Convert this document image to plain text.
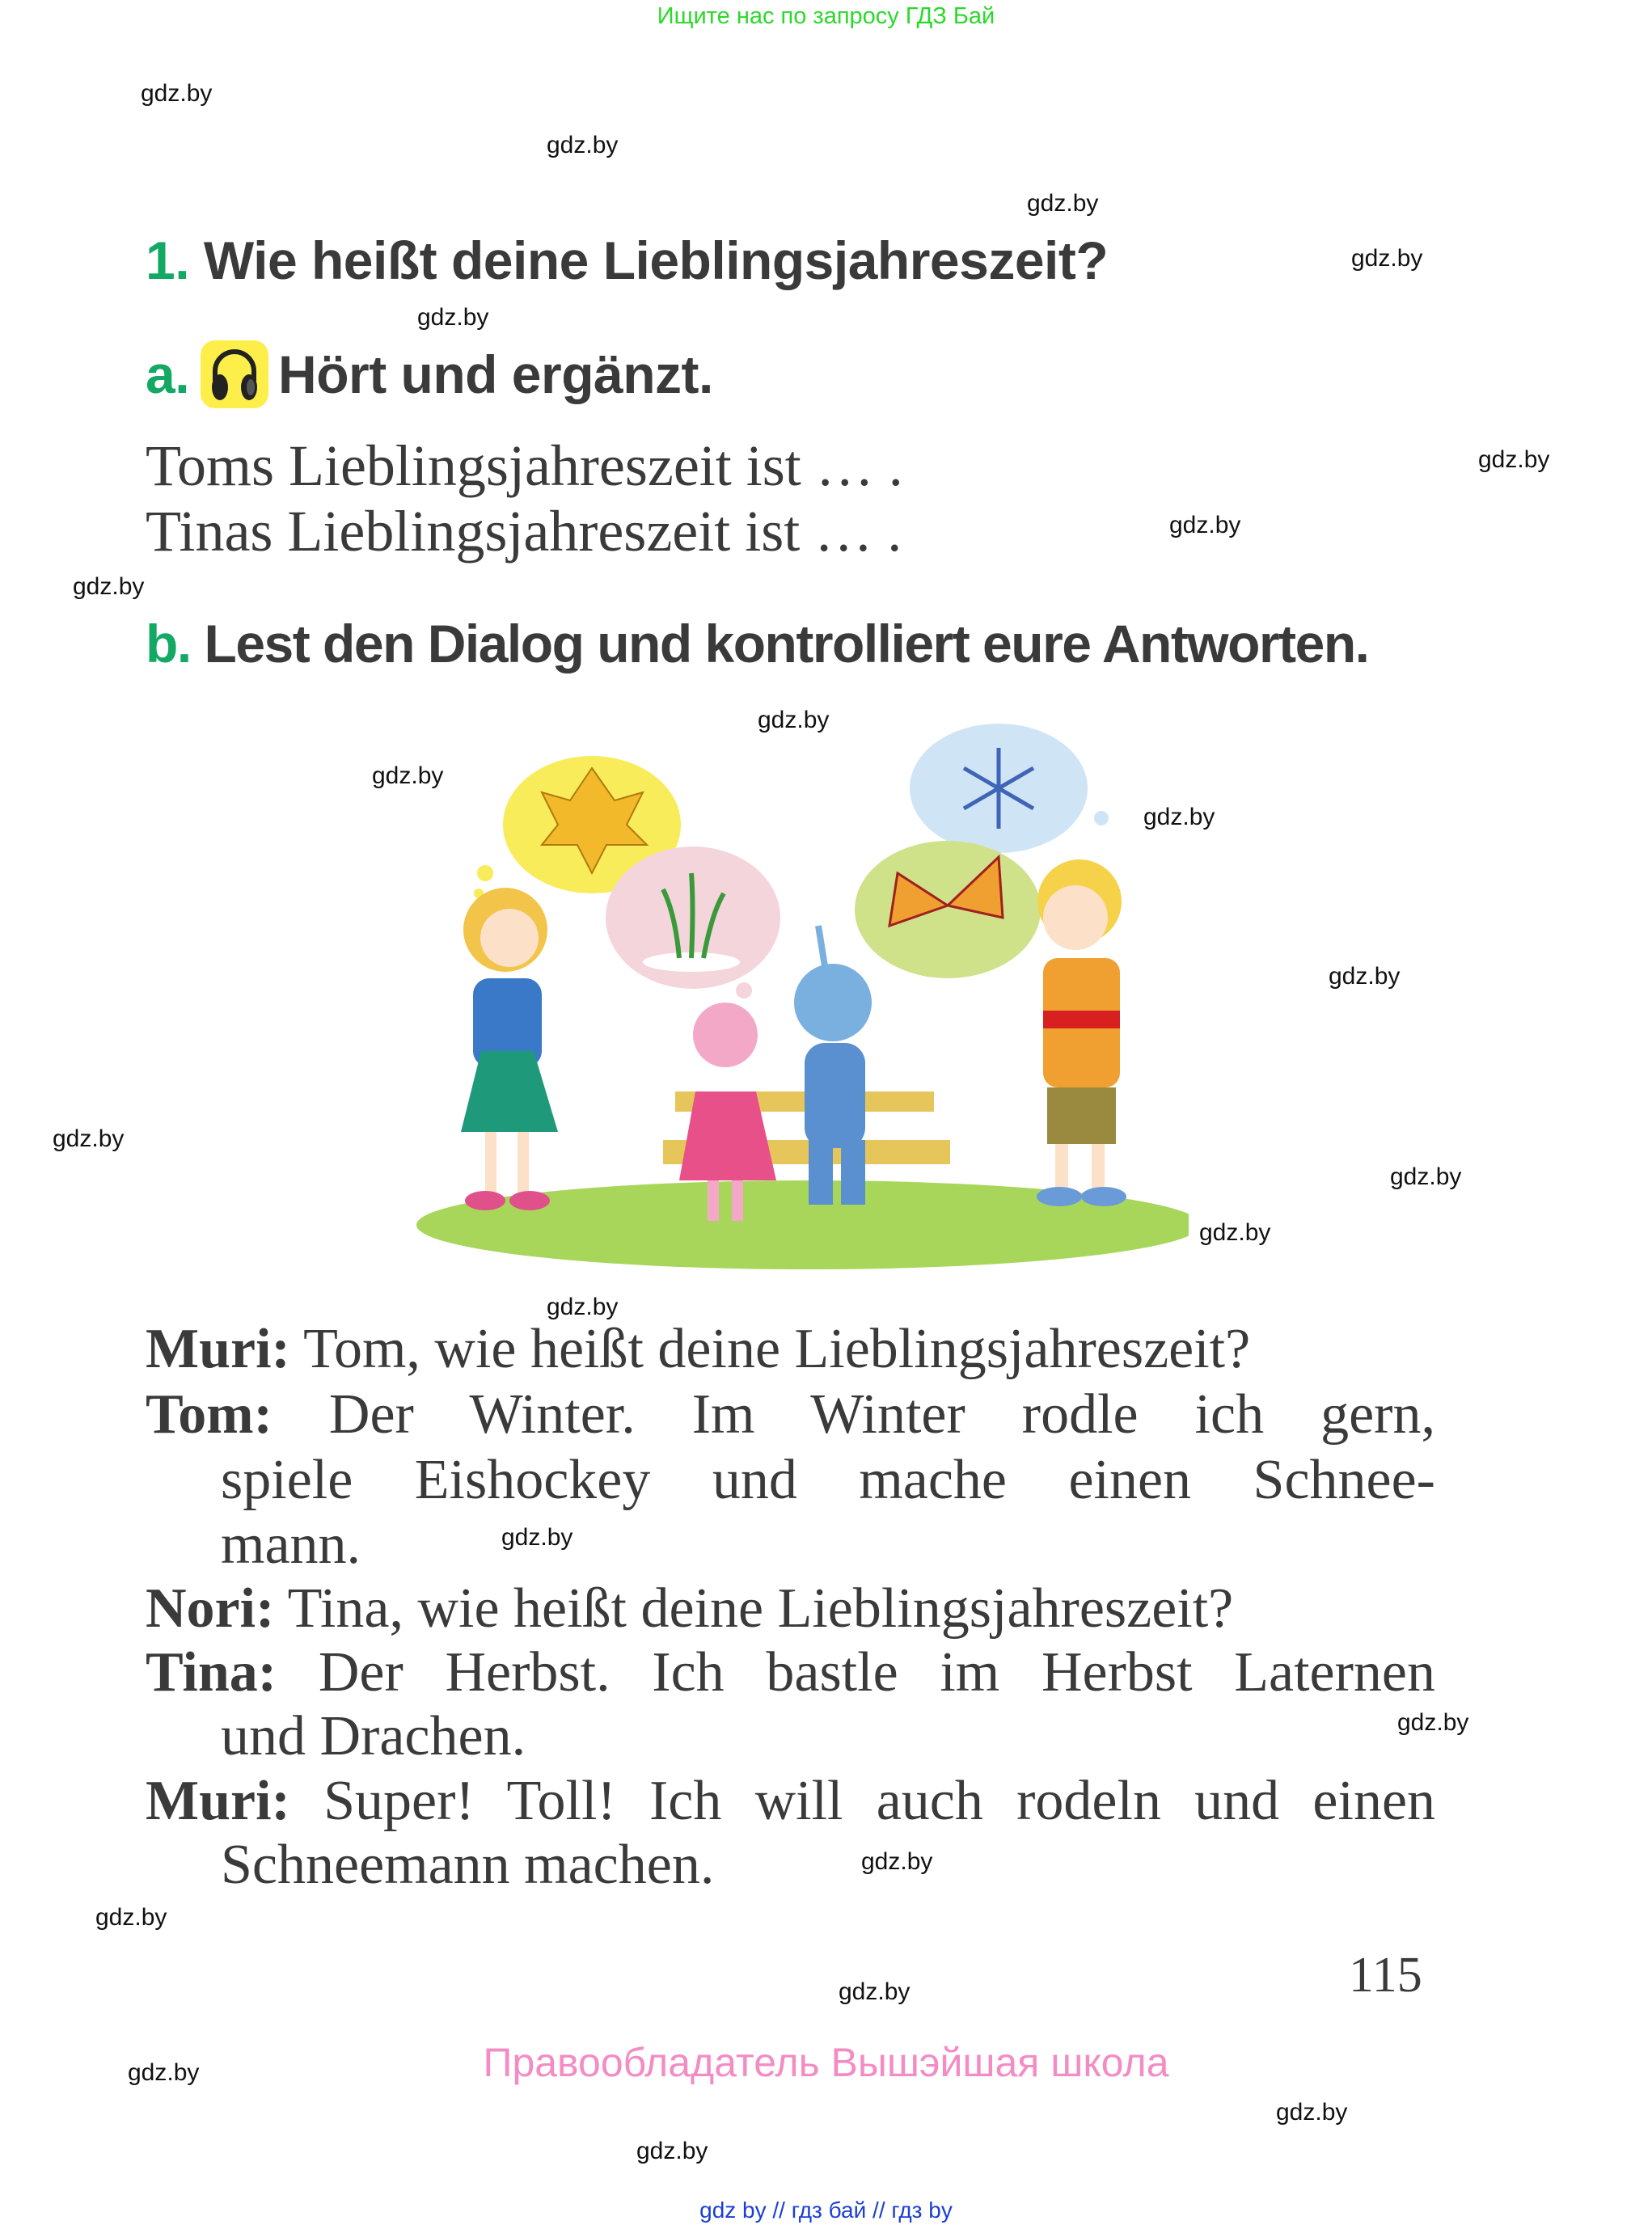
Ищите нас по запросу ГДЗ Бай
gdz.by
gdz.by
gdz.by
gdz.by
gdz.by
gdz.by
gdz.by
gdz.by
gdz.by
gdz.by
gdz.by
gdz.by
gdz.by
gdz.by
gdz.by
gdz.by
gdz.by
gdz.by
gdz.by
gdz.by
gdz.by
gdz.by
gdz.by
gdz.by
1. Wie heißt deine Lieblingsjahreszeit?
a. Hört und ergänzt.
Toms Lieblingsjahreszeit ist … .
Tinas Lieblingsjahreszeit ist … .
b. Lest den Dialog und kontrolliert eure Antworten.
Muri: Tom, wie heißt deine Lieblingsjahreszeit?
Tom: Der Winter. Im Winter rodle ich gern,
spiele Eishockey und mache einen Schnee-
mann.
Nori: Tina, wie heißt deine Lieblingsjahreszeit?
Tina: Der Herbst. Ich bastle im Herbst Laternen
und Drachen.
Muri: Super! Toll! Ich will auch rodeln und einen
Schneemann machen.
115
Правообладатель Вышэйшая школа
gdz by // гдз бай // гдз by
